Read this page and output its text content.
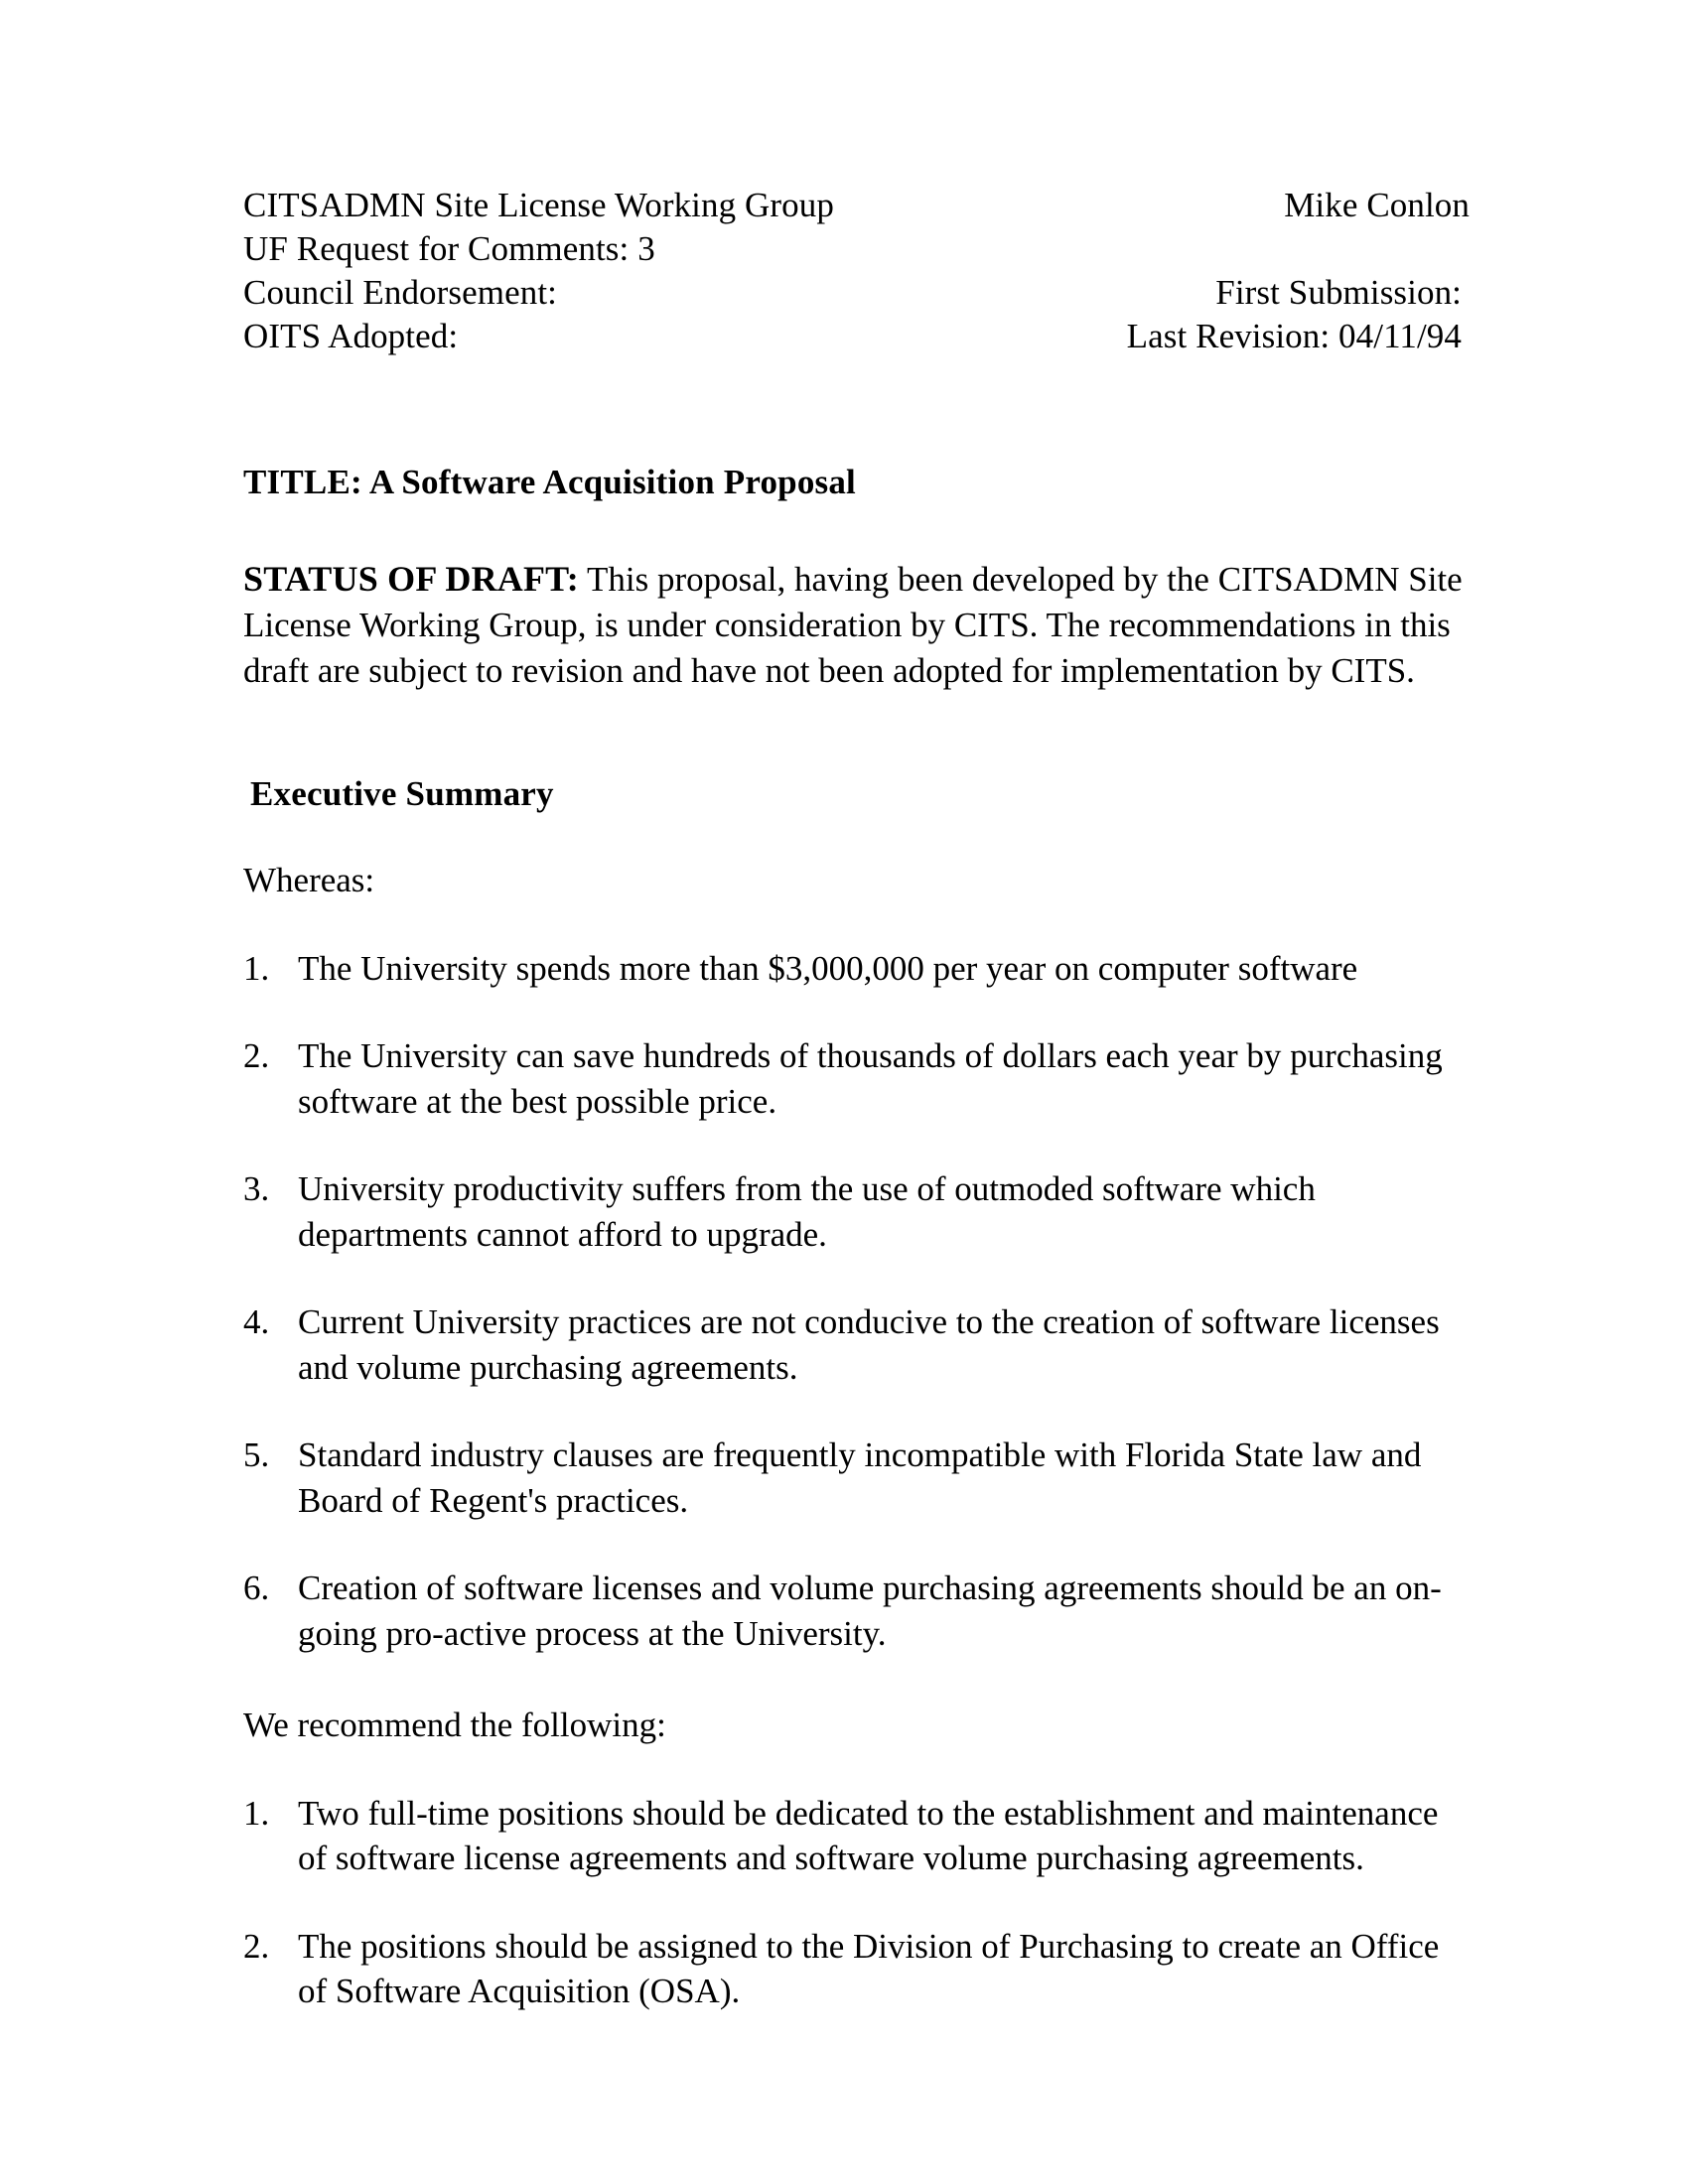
CITSADMN Site License Working Group	Mike Conlon
UF Request for Comments: 3
Council Endorsement:	First Submission:
OITS Adopted:	Last Revision: 04/11/94
TITLE: A Software Acquisition Proposal
STATUS OF DRAFT: This proposal, having been developed by the CITSADMN Site License Working Group, is under consideration by CITS. The recommendations in this draft are subject to revision and have not been adopted for implementation by CITS.
Executive Summary
Whereas:
1. The University spends more than $3,000,000 per year on computer software
2. The University can save hundreds of thousands of dollars each year by purchasing software at the best possible price.
3. University productivity suffers from the use of outmoded software which departments cannot afford to upgrade.
4. Current University practices are not conducive to the creation of software licenses and volume purchasing agreements.
5. Standard industry clauses are frequently incompatible with Florida State law and Board of Regent's practices.
6. Creation of software licenses and volume purchasing agreements should be an on-going pro-active process at the University.
We recommend the following:
1. Two full-time positions should be dedicated to the establishment and maintenance of software license agreements and software volume purchasing agreements.
2. The positions should be assigned to the Division of Purchasing to create an Office of Software Acquisition (OSA).
